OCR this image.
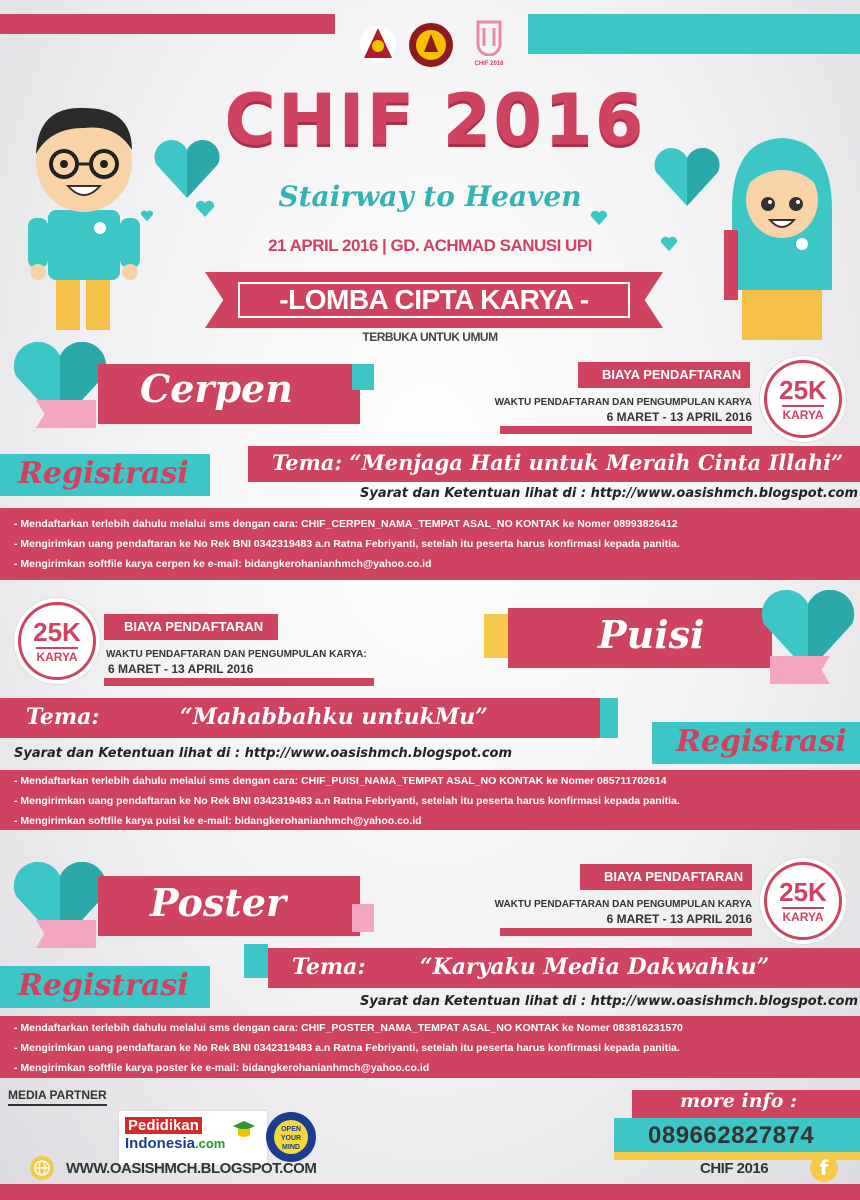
CHIF 2016
CHIF 2016
Stairway to Heaven
21 APRIL 2016 | GD. ACHMAD SANUSI UPI
-LOMBA CIPTA KARYA -
TERBUKA UNTUK UMUM
Cerpen	BIAYA PENDAFTARAN
WAKTU PENDAFTARAN DAN PENGUMPULAN KARYA
6 MARET - 13 APRIL 2016
25K
KARYA
Registrasi	Tema: “Menjaga Hati untuk Meraih Cinta Illahi”
Syarat dan Ketentuan lihat di : http://www.oasishmch.blogspot.com
- Mendaftarkan terlebih dahulu melalui sms dengan cara: CHIF_CERPEN_NAMA_TEMPAT ASAL_NO KONTAK ke Nomer 08993826412
- Mengirimkan uang pendaftaran ke No Rek BNI 0342319483 a.n Ratna Febriyanti, setelah itu peserta harus konfirmasi kepada panitia.
- Mengirimkan softfile karya cerpen ke e-mail: bidangkerohanianhmch@yahoo.co.id
25K
KARYA
BIAYA PENDAFTARAN
WAKTU PENDAFTARAN DAN PENGUMPULAN KARYA:
6 MARET - 13 APRIL 2016
Puisi
Tema:	“Mahabbahku untukMu”
Syarat dan Ketentuan lihat di : http://www.oasishmch.blogspot.com	Registrasi
- Mendaftarkan terlebih dahulu melalui sms dengan cara: CHIF_PUISI_NAMA_TEMPAT ASAL_NO KONTAK ke Nomer 085711702614
- Mengirimkan uang pendaftaran ke No Rek BNI 0342319483 a.n Ratna Febriyanti, setelah itu peserta harus konfirmasi kepada panitia.
- Mengirimkan softfile karya puisi ke e-mail: bidangkerohanianhmch@yahoo.co.id
Poster
BIAYA PENDAFTARAN
WAKTU PENDAFTARAN DAN PENGUMPULAN KARYA
6 MARET - 13 APRIL 2016
25K
KARYA
Registrasi
Tema: “Karyaku Media Dakwahku”
Syarat dan Ketentuan lihat di : http://www.oasishmch.blogspot.com
- Mendaftarkan terlebih dahulu melalui sms dengan cara: CHIF_POSTER_NAMA_TEMPAT ASAL_NO KONTAK ke Nomer 083816231570
- Mengirimkan uang pendaftaran ke No Rek BNI 0342319483 a.n Ratna Febriyanti, setelah itu peserta harus konfirmasi kepada panitia.
- Mengirimkan softfile karya poster ke e-mail: bidangkerohanianhmch@yahoo.co.id
MEDIA PARTNER
Pedidikan
Indonesia.com
OPEN YOUR MIND
more info :
089662827874
WWW.OASISHMCH.BLOGSPOT.COM	CHIF 2016	f
